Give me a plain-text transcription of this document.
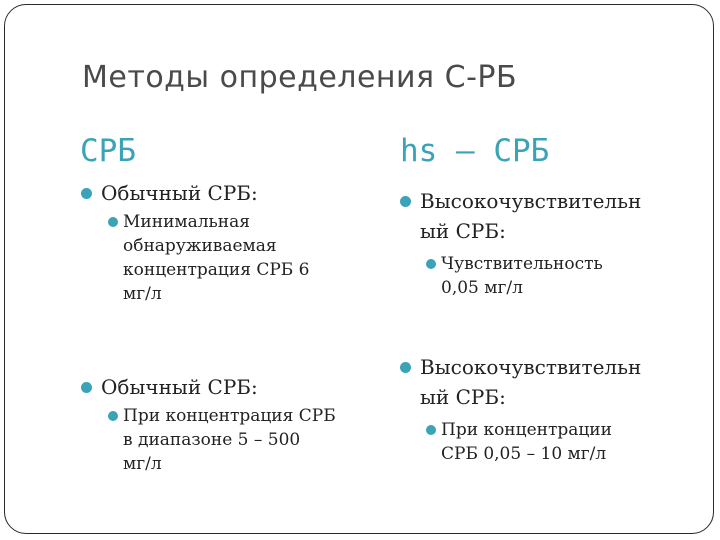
Методы определения С-РБ
СРБ	hs – СРБ
Обычный СРБ:
Минимальная
обнаруживаемая
концентрация СРБ 6
мг/л
Обычный СРБ:
При концентрация СРБ
в диапазоне 5 – 500
мг/л
Высокочувствительн
ый СРБ:
Чувствительность
0,05 мг/л
Высокочувствительн
ый СРБ:
При концентрации
СРБ 0,05 – 10 мг/л
